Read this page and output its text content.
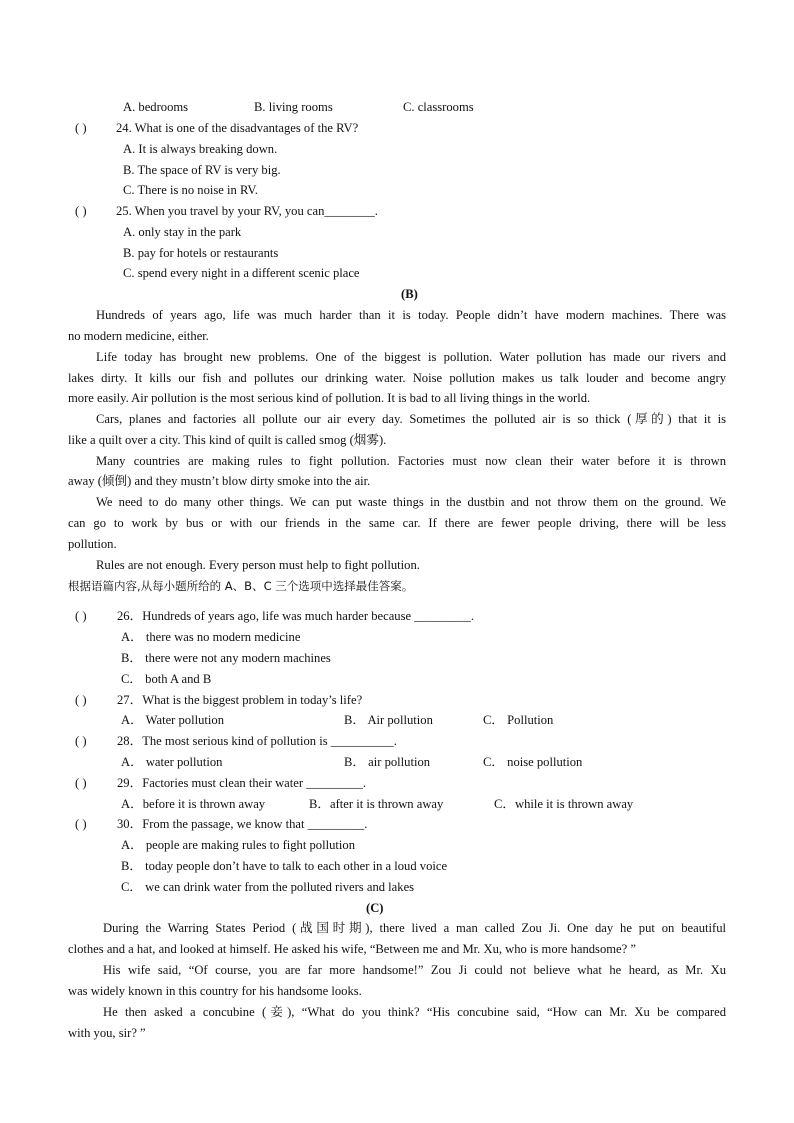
A. bedrooms	B. living rooms	C. classrooms
( ) 24. What is one of the disadvantages of the RV?
A. It is always breaking down.
B. The space of RV is very big.
C. There is no noise in RV.
( ) 25. When you travel by your RV, you can________.
A. only stay in the park
B. pay for hotels or restaurants
C. spend every night in a different scenic place
(B)
Hundreds of years ago, life was much harder than it is today. People didn’t have modern machines. There was
no modern medicine, either.
Life today has brought new problems. One of the biggest is pollution. Water pollution has made our rivers and
lakes dirty. It kills our fish and pollutes our drinking water. Noise pollution makes us talk louder and become angry
more easily. Air pollution is the most serious kind of pollution. It is bad to all living things in the world.
Cars, planes and factories all pollute our air every day. Sometimes the polluted air is so thick (厚的) that it is
like a quilt over a city. This kind of quilt is called smog (烟雾).
Many countries are making rules to fight pollution. Factories must now clean their water before it is thrown
away (倾倒) and they mustn’t blow dirty smoke into the air.
We need to do many other things. We can put waste things in the dustbin and not throw them on the ground. We
can go to work by bus or with our friends in the same car. If there are fewer people driving, there will be less
pollution.
Rules are not enough. Every person must help to fight pollution.
根据语篇内容,从每小题所给的 A、B、C 三个选项中选择最佳答案。
( ) 26．Hundreds of years ago, life was much harder because _________.
A． there was no modern medicine
B． there were not any modern machines
C． both A and B
( ) 27．What is the biggest problem in today’s life?
A． Water pollution	B． Air pollution	C． Pollution
( ) 28．The most serious kind of pollution is __________.
A． water pollution	B． air pollution	C． noise pollution
( ) 29．Factories must clean their water _________.
A．before it is thrown away	B．after it is thrown away	C．while it is thrown away
( ) 30．From the passage, we know that _________.
A． people are making rules to fight pollution
B． today people don’t have to talk to each other in a loud voice
C． we can drink water from the polluted rivers and lakes
(C)
During the Warring States Period (战国时期), there lived a man called Zou Ji. One day he put on beautiful
clothes and a hat, and looked at himself. He asked his wife, “Between me and Mr. Xu, who is more handsome? ”
His wife said, “Of course, you are far more handsome!” Zou Ji could not believe what he heard, as Mr. Xu
was widely known in this country for his handsome looks.
He then asked a concubine (妾), “What do you think? “His concubine said, “How can Mr. Xu be compared
with you, sir? ”
